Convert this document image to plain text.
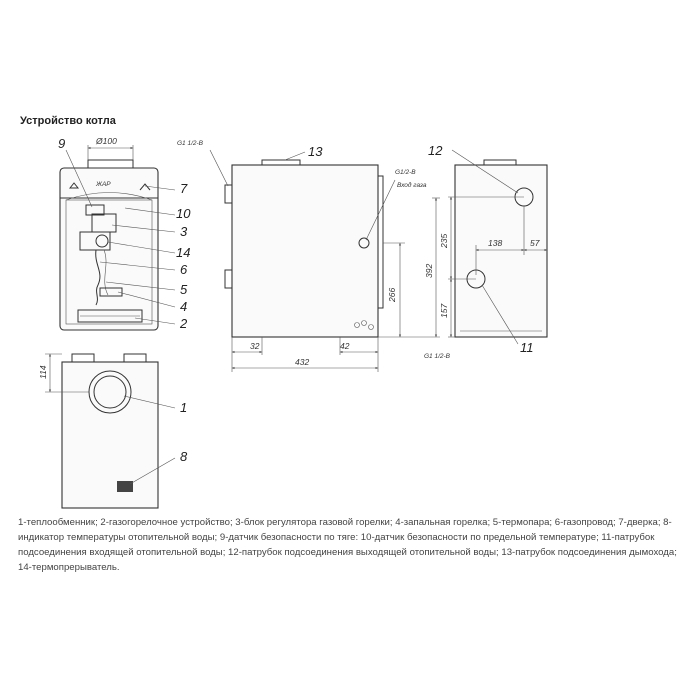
Устройство котла
Ø100
ЖАР
9
7
10
3
14
6
5
4
2
13
G1 1/2-B
G1/2-B
Вход газа
32	42
432
266
392
12
11
G1 1/2-B
235
157
138	57
114
1
8

1-теплообменник; 2-газогорелочное устройство; 3-блок регулятора газовой горелки; 4-запальная горелка; 5-термопара; 6-газопровод; 7-дверка; 8-индикатор температуры отопительной воды; 9-датчик безопасности по тяге: 10-датчик безопасности по предельной температуре; 11-патрубок подсоединения входящей отопительной воды; 12-патрубок подсоединения выходящей отопительной воды; 13-патрубок подсоединения дымохода; 14-термопрерыватель.
